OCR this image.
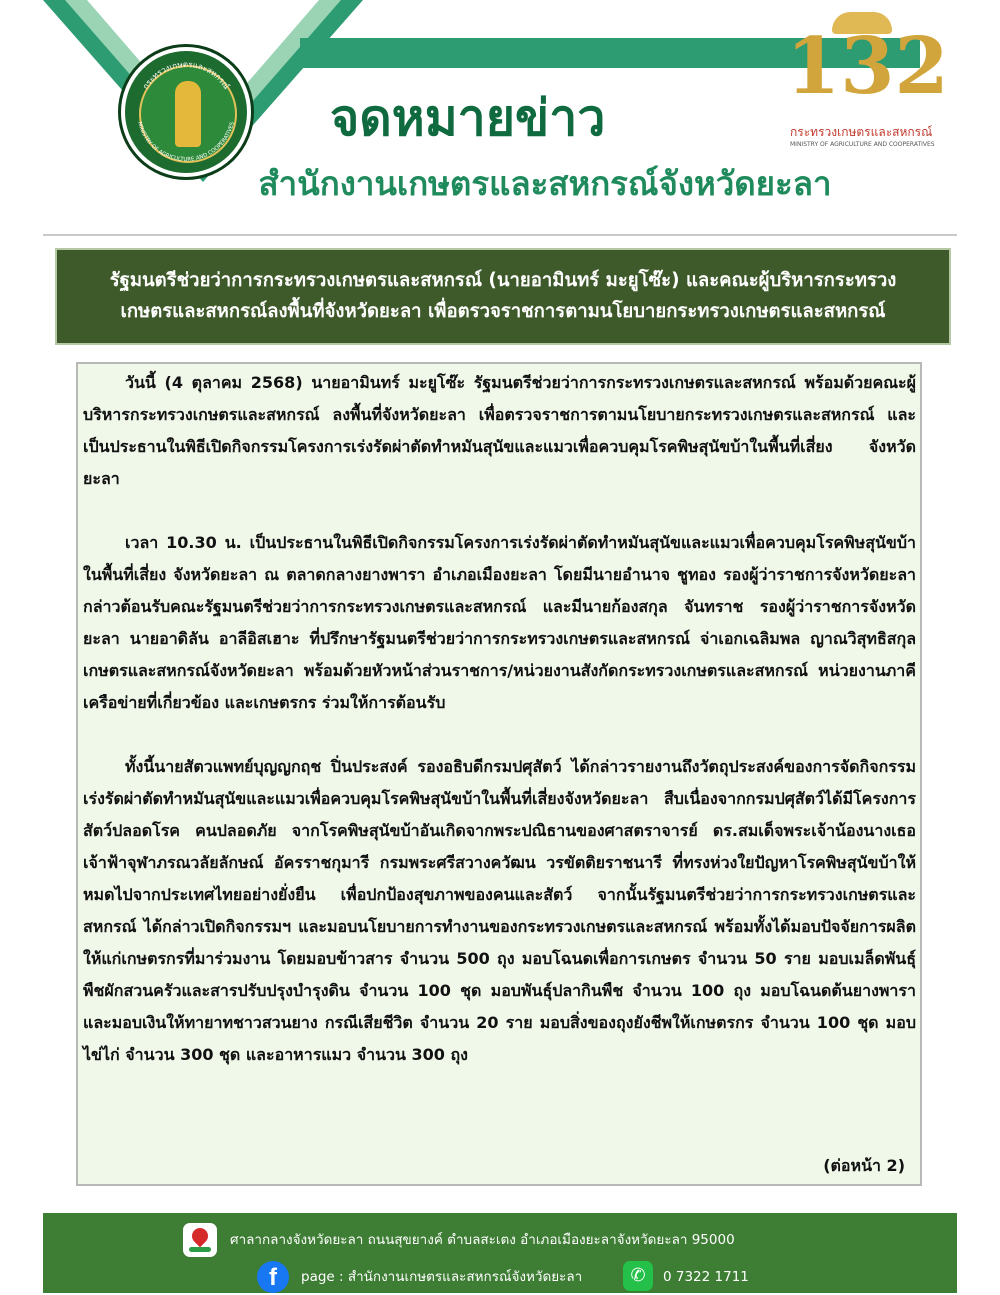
กระทรวงเกษตรและสหกรณ์
MINISTRY OF AGRICULTURE AND COOPERATIVES จดหมายข่าว
สำนักงานเกษตรและสหกรณ์จังหวัดยะลา
132
กระทรวงเกษตรและสหกรณ์
MINISTRY OF AGRICULTURE AND COOPERATIVES
รัฐมนตรีช่วยว่าการกระทรวงเกษตรและสหกรณ์ (นายอามินทร์ มะยูโซ๊ะ) และคณะผู้บริหารกระทรวง
เกษตรและสหกรณ์ลงพื้นที่จังหวัดยะลา เพื่อตรวจราชการตามนโยบายกระทรวงเกษตรและสหกรณ์

วันนี้ (4 ตุลาคม 2568) นายอามินทร์ มะยูโซ๊ะ รัฐมนตรีช่วยว่าการกระทรวงเกษตรและสหกรณ์ พร้อมด้วยคณะผู้บริหารกระทรวงเกษตรและสหกรณ์ ลงพื้นที่จังหวัดยะลา เพื่อตรวจราชการตามนโยบายกระทรวงเกษตรและสหกรณ์ และเป็นประธานในพิธีเปิดกิจกรรมโครงการเร่งรัดผ่าตัดทำหมันสุนัขและแมวเพื่อควบคุมโรคพิษสุนัขบ้าในพื้นที่เสี่ยง จังหวัดยะลา

เวลา 10.30 น. เป็นประธานในพิธีเปิดกิจกรรมโครงการเร่งรัดผ่าตัดทำหมันสุนัขและแมวเพื่อควบคุมโรคพิษสุนัขบ้าในพื้นที่เสี่ยง จังหวัดยะลา ณ ตลาดกลางยางพารา อำเภอเมืองยะลา โดยมีนายอำนาจ ชูทอง รองผู้ว่าราชการจังหวัดยะลา กล่าวต้อนรับคณะรัฐมนตรีช่วยว่าการกระทรวงเกษตรและสหกรณ์ และมีนายก้องสกุล จันทราช รองผู้ว่าราชการจังหวัดยะลา นายอาดิลัน อาลีอิสเฮาะ ที่ปรึกษารัฐมนตรีช่วยว่าการกระทรวงเกษตรและสหกรณ์ จ่าเอกเฉลิมพล ญาณวิสุทธิสกุล เกษตรและสหกรณ์จังหวัดยะลา พร้อมด้วยหัวหน้าส่วนราชการ/หน่วยงานสังกัดกระทรวงเกษตรและสหกรณ์ หน่วยงานภาคีเครือข่ายที่เกี่ยวข้อง และเกษตรกร ร่วมให้การต้อนรับ

ทั้งนี้นายสัตวแพทย์บุญญกฤช ปิ่นประสงค์ รองอธิบดีกรมปศุสัตว์ ได้กล่าวรายงานถึงวัตถุประสงค์ของการจัดกิจกรรมเร่งรัดผ่าตัดทำหมันสุนัขและแมวเพื่อควบคุมโรคพิษสุนัขบ้าในพื้นที่เสี่ยงจังหวัดยะลา สืบเนื่องจากกรมปศุสัตว์ได้มีโครงการสัตว์ปลอดโรค คนปลอดภัย จากโรคพิษสุนัขบ้าอันเกิดจากพระปณิธานของศาสตราจารย์ ดร.สมเด็จพระเจ้าน้องนางเธอ เจ้าฟ้าจุฬาภรณวลัยลักษณ์ อัครราชกุมารี กรมพระศรีสวางควัฒน วรขัตติยราชนารี ที่ทรงห่วงใยปัญหาโรคพิษสุนัขบ้าให้หมดไปจากประเทศไทยอย่างยั่งยืน เพื่อปกป้องสุขภาพของคนและสัตว์ จากนั้นรัฐมนตรีช่วยว่าการกระทรวงเกษตรและสหกรณ์ ได้กล่าวเปิดกิจกรรมฯ และมอบนโยบายการทำงานของกระทรวงเกษตรและสหกรณ์ พร้อมทั้งได้มอบปัจจัยการผลิตให้แก่เกษตรกรที่มาร่วมงาน โดยมอบข้าวสาร จำนวน 500 ถุง มอบโฉนดเพื่อการเกษตร จำนวน 50 ราย มอบเมล็ดพันธุ์พืชผักสวนครัวและสารปรับปรุงบำรุงดิน จำนวน 100 ชุด มอบพันธุ์ปลากินพืช จำนวน 100 ถุง มอบโฉนดต้นยางพารา และมอบเงินให้ทายาทชาวสวนยาง กรณีเสียชีวิต จำนวน 20 ราย มอบสิ่งของถุงยังชีพให้เกษตรกร จำนวน 100 ชุด มอบไข่ไก่ จำนวน 300 ชุด และอาหารแมว จำนวน 300 ถุง

(ต่อหน้า 2)
ศาลากลางจังหวัดยะลา ถนนสุขยางค์ ตำบลสะเตง อำเภอเมืองยะลาจังหวัดยะลา 95000
f	page : สำนักงานเกษตรและสหกรณ์จังหวัดยะลา	✆	0 7322 1711
